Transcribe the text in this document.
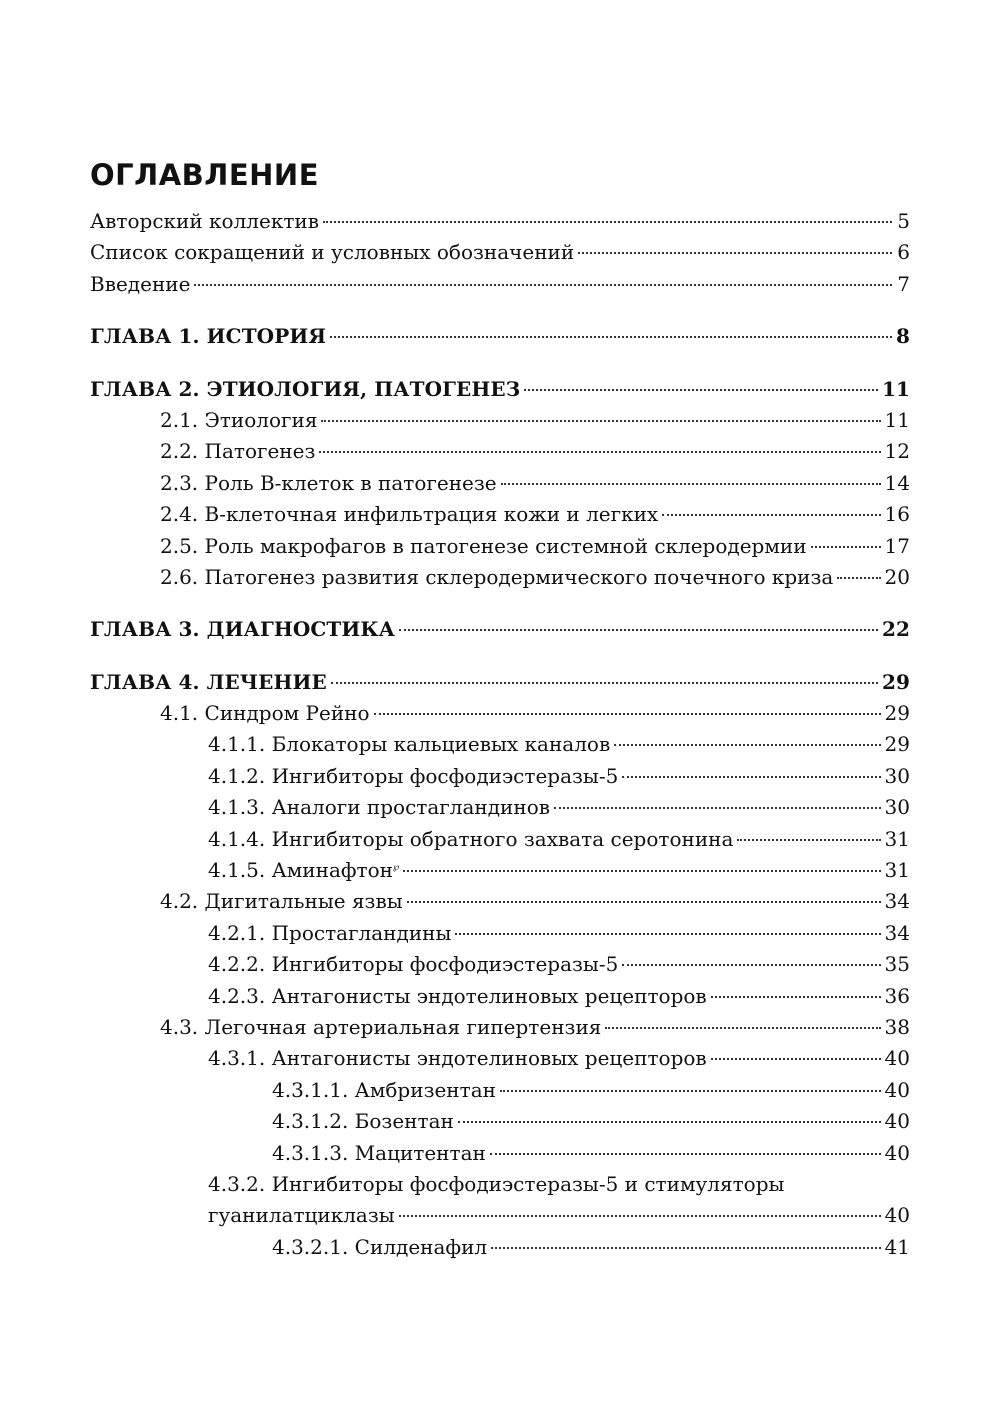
ОГЛАВЛЕНИЕ
Авторский коллектив	5
Список сокращений и условных обозначений	6
Введение	7
ГЛАВА 1. ИСТОРИЯ	8
ГЛАВА 2. ЭТИОЛОГИЯ, ПАТОГЕНЕЗ	11
2.1. Этиология	11
2.2. Патогенез	12
2.3. Роль В-клеток в патогенезе	14
2.4. В-клеточная инфильтрация кожи и легких	16
2.5. Роль макрофагов в патогенезе системной склеродермии	17
2.6. Патогенез развития склеродермического почечного криза	20
ГЛАВА 3. ДИАГНОСТИКА	22
ГЛАВА 4. ЛЕЧЕНИЕ	29
4.1. Синдром Рейно	29
4.1.1. Блокаторы кальциевых каналов	29
4.1.2. Ингибиторы фосфодиэстеразы-5	30
4.1.3. Аналоги простагландинов	30
4.1.4. Ингибиторы обратного захвата серотонина	31
4.1.5. Аминафтон℘	31
4.2. Дигитальные язвы	34
4.2.1. Простагландины	34
4.2.2. Ингибиторы фосфодиэстеразы-5	35
4.2.3. Антагонисты эндотелиновых рецепторов	36
4.3. Легочная артериальная гипертензия	38
4.3.1. Антагонисты эндотелиновых рецепторов	40
4.3.1.1. Амбризентан	40
4.3.1.2. Бозентан	40
4.3.1.3. Мацитентан	40
4.3.2. Ингибиторы фосфодиэстеразы-5 и стимуляторы
гуанилатциклазы	40
4.3.2.1. Силденафил	41
